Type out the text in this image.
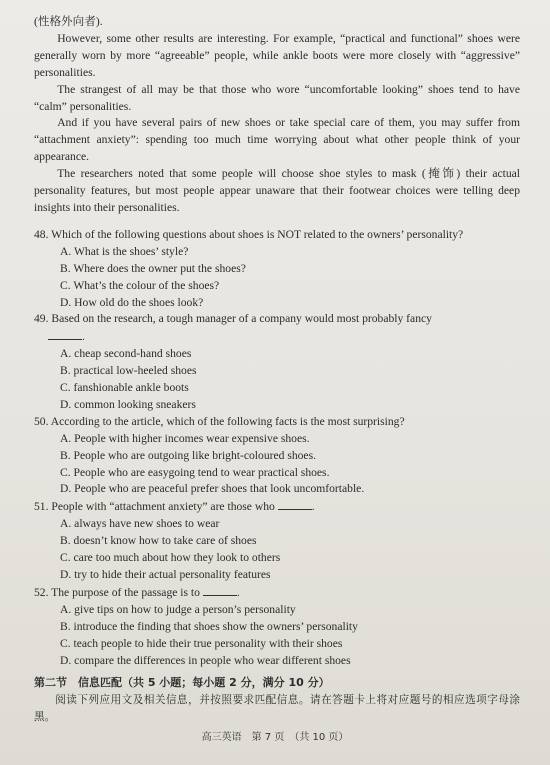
(性格外向者).

However, some other results are interesting. For example, “practical and functional” shoes were generally worn by more “agreeable” people, while ankle boots were more closely with “aggressive” personalities.

The strangest of all may be that those who wore “uncomfortable looking” shoes tend to have “calm” personalities.

And if you have several pairs of new shoes or take special care of them, you may suffer from “attachment anxiety”: spending too much time worrying about what other people think of your appearance.

The researchers noted that some people will choose shoe styles to mask (掩饰) their actual personality features, but most people appear unaware that their footwear choices were telling deep insights into their personalities.

48. Which of the following questions about shoes is NOT related to the owners’ personality?

A. What is the shoes’ style?

B. Where does the owner put the shoes?

C. What’s the colour of the shoes?

D. How old do the shoes look?

49. Based on the research, a tough manager of a company would most probably fancy

.

A. cheap second-hand shoes

B. practical low-heeled shoes

C. fanshionable ankle boots

D. common looking sneakers

50. According to the article, which of the following facts is the most surprising?

A. People with higher incomes wear expensive shoes.

B. People who are outgoing like bright-coloured shoes.

C. People who are easygoing tend to wear practical shoes.

D. People who are peaceful prefer shoes that look uncomfortable.

51. People with “attachment anxiety” are those who	.

A. always have new shoes to wear

B. doesn’t know how to take care of shoes

C. care too much about how they look to others

D. try to hide their actual personality features

52. The purpose of the passage is to	.

A. give tips on how to judge a person’s personality

B. introduce the finding that shoes show the owners’ personality

C. teach people to hide their true personality with their shoes

D. compare the differences in people who wear different shoes

第二节　信息匹配（共 5 小题；每小题 2 分，满分 10 分）

阅读下列应用文及相关信息，并按照要求匹配信息。请在答题卡上将对应题号的相应选项字母涂黑。

高三英语　第 7 页　（共 10 页）
